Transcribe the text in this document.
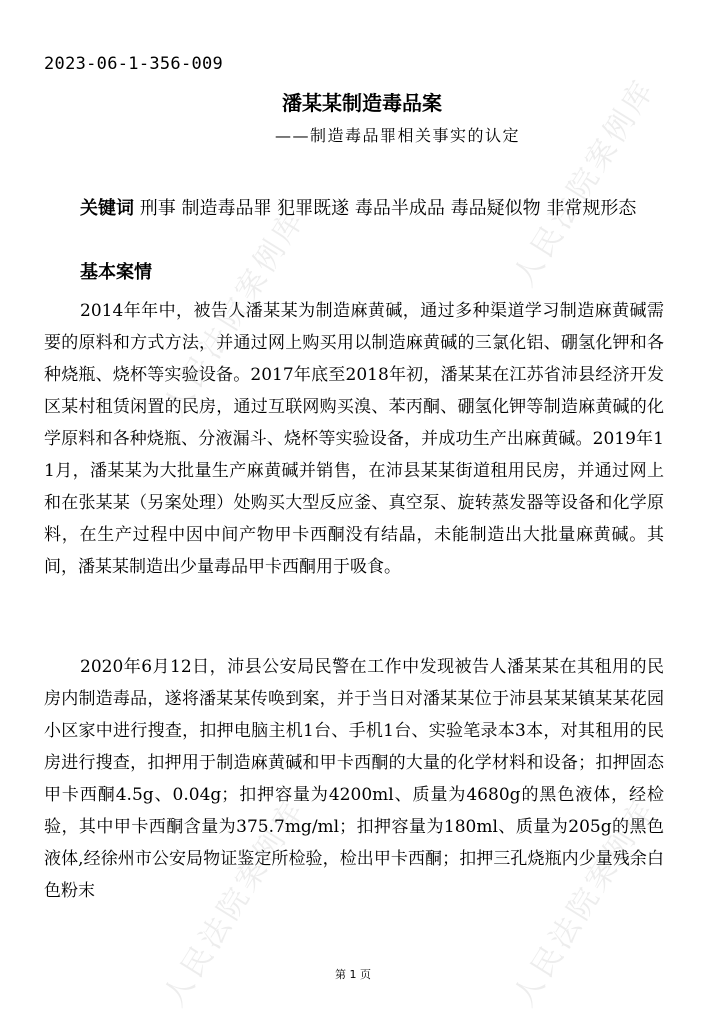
2023-06-1-356-009
潘某某制造毒品案
——制造毒品罪相关事实的认定
关键词 刑事 制造毒品罪 犯罪既遂 毒品半成品 毒品疑似物 非常规形态
基本案情
2014年年中，被告人潘某某为制造麻黄碱，通过多种渠道学习制造麻黄碱需要的原料和方式方法，并通过网上购买用以制造麻黄碱的三氯化铝、硼氢化钾和各种烧瓶、烧杯等实验设备。2017年底至2018年初，潘某某在江苏省沛县经济开发区某村租赁闲置的民房，通过互联网购买溴、苯丙酮、硼氢化钾等制造麻黄碱的化学原料和各种烧瓶、分液漏斗、烧杯等实验设备，并成功生产出麻黄碱。2019年11月，潘某某为大批量生产麻黄碱并销售，在沛县某某街道租用民房，并通过网上和在张某某（另案处理）处购买大型反应釜、真空泵、旋转蒸发器等设备和化学原料，在生产过程中因中间产物甲卡西酮没有结晶，未能制造出大批量麻黄碱。其间，潘某某制造出少量毒品甲卡西酮用于吸食。
2020年6月12日，沛县公安局民警在工作中发现被告人潘某某在其租用的民房内制造毒品，遂将潘某某传唤到案，并于当日对潘某某位于沛县某某镇某某花园小区家中进行搜查，扣押电脑主机1台、手机1台、实验笔录本3本，对其租用的民房进行搜查，扣押用于制造麻黄碱和甲卡西酮的大量的化学材料和设备；扣押固态甲卡西酮4.5g、0.04g；扣押容量为4200ml、质量为4680g的黑色液体，经检验，其中甲卡西酮含量为375.7mg/ml；扣押容量为180ml、质量为205g的黑色液体,经徐州市公安局物证鉴定所检验，检出甲卡西酮；扣押三孔烧瓶内少量残余白色粉末
第 1 页
人民法院案例库
人民法院案例库
人民法院案例库	人民法院案例库
